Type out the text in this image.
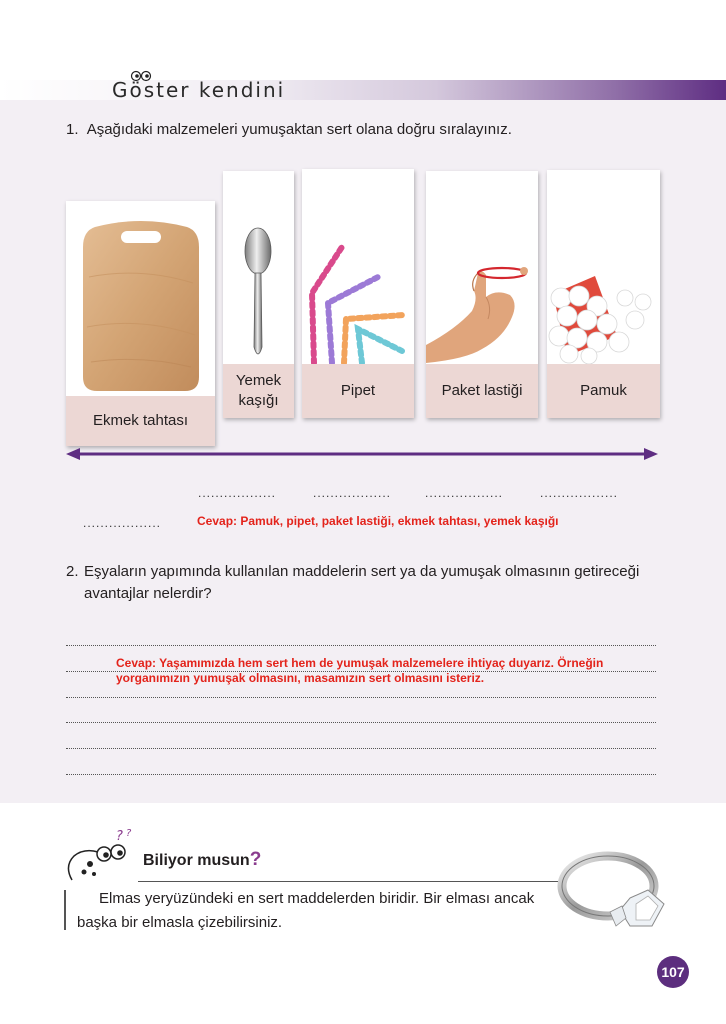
Göster kendini
1. Aşağıdaki malzemeleri yumuşaktan sert olana doğru sıralayınız.
Ekmek tahtası
Yemek kaşığı
Pipet	Paket lastiği	Pamuk
..................	..................	..................	..................
..................	Cevap: Pamuk, pipet, paket lastiği, ekmek tahtası, yemek kaşığı
2. Eşyaların yapımında kullanılan maddelerin sert ya da yumuşak olmasının getireceği avantajlar nelerdir?
Cevap: Yaşamımızda hem sert hem de yumuşak malzemelere ihtiyaç duyarız. Örneğin yorganımızın yumuşak olmasını, masamızın sert olmasını isteriz.
? ?
Biliyor musun?
Elmas yeryüzündeki en sert maddelerden biridir. Bir elması ancak başka bir elmasla çizebilirsiniz.
107
